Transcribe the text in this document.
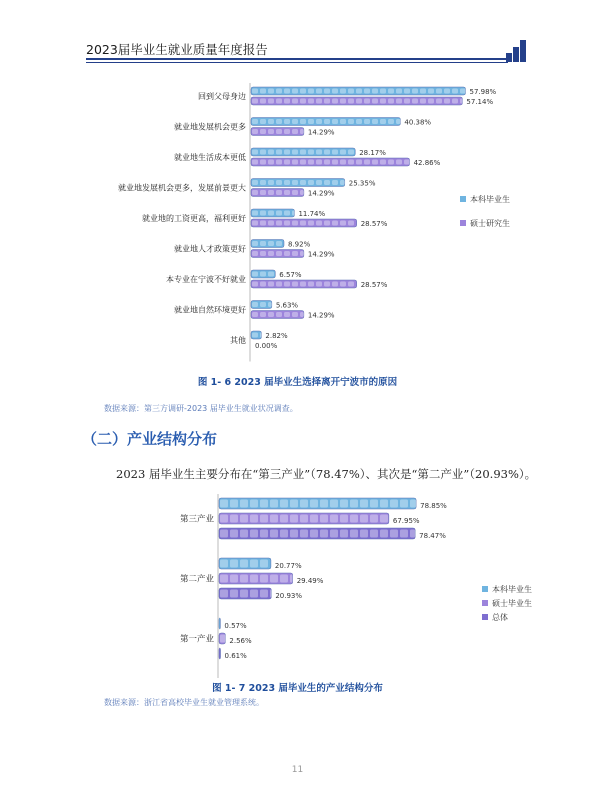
2023届毕业生就业质量年度报告
回到父母身边	57.98%
57.14%
就业地发展机会更多	40.38%
14.29%
就业地生活成本更低	28.17%
42.86%
就业地发展机会更多，发展前景更大	25.35%
14.29%
就业地的工资更高，福利更好	11.74%
28.57%
就业地人才政策更好	8.92%
14.29%
本专业在宁波不好就业	6.57%
28.57%
就业地自然环境更好	5.63%
14.29%
其他	2.82%
0.00%
本科毕业生
硕士研究生
图 1- 6 2023 届毕业生选择离开宁波市的原因
数据来源：第三方调研-2023 届毕业生就业状况调查。
（二）产业结构分布
2023 届毕业生主要分布在“第三产业”（78.47%）、其次是“第二产业”（20.93%）。
第三产业
78.85%
67.95%
78.47%
第二产业
20.77%
29.49%
20.93%
第一产业
0.57%
2.56%
0.61%
本科毕业生
硕士毕业生
总体
图 1- 7 2023 届毕业生的产业结构分布
数据来源：浙江省高校毕业生就业管理系统。
11
